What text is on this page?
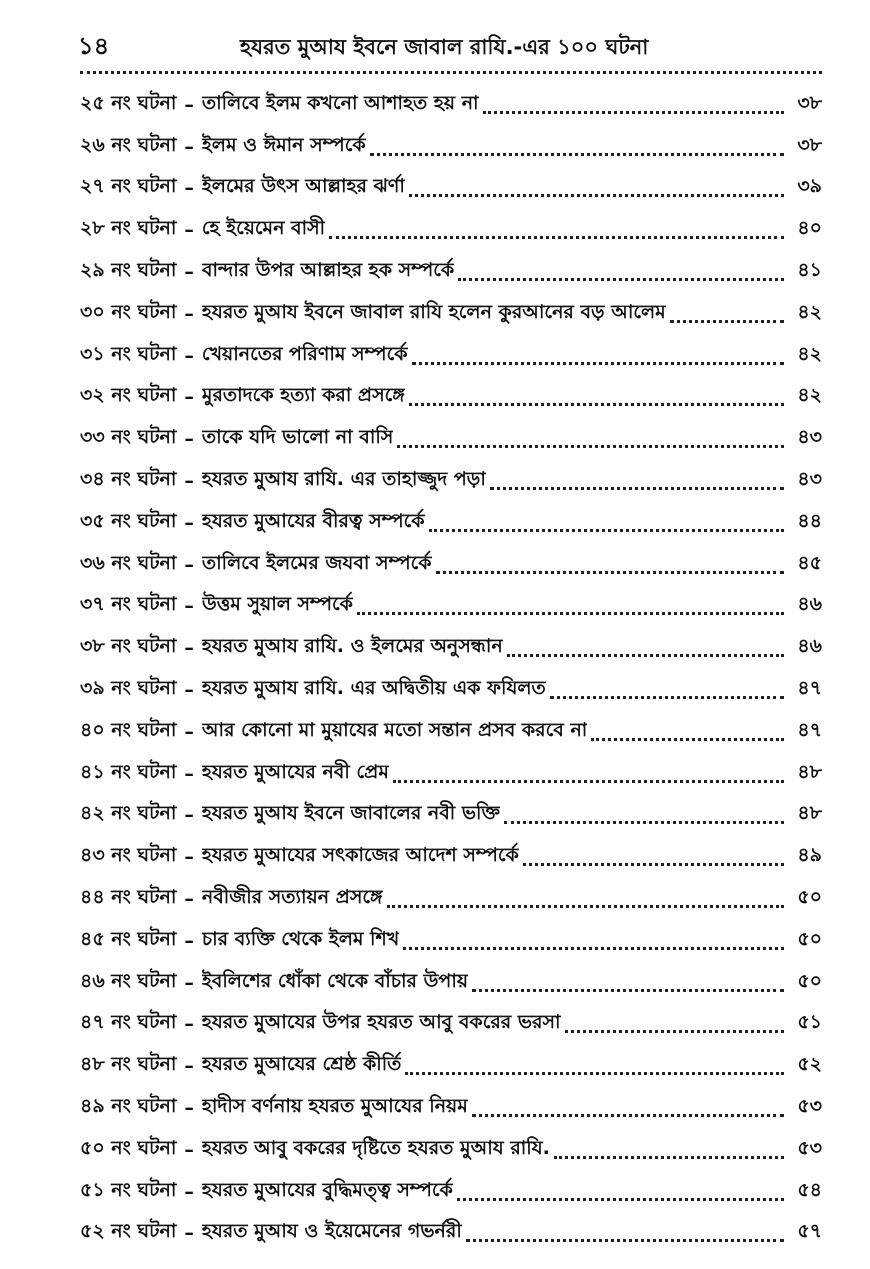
১৪	হযরত মুআয ইবনে জাবাল রাযি.-এর ১০০ ঘটনা
২৫ নং ঘটনা – তালিবে ইলম কখনো আশাহত হয় না	৩৮
২৬ নং ঘটনা – ইলম ও ঈমান সম্পর্কে	৩৮
২৭ নং ঘটনা – ইলমের উৎস আল্লাহর ঝর্ণা	৩৯
২৮ নং ঘটনা – হে ইয়েমেন বাসী	৪০
২৯ নং ঘটনা – বান্দার উপর আল্লাহর হক সম্পর্কে	৪১
৩০ নং ঘটনা – হযরত মুআয ইবনে জাবাল রাযি হলেন কুরআনের বড় আলেম	৪২
৩১ নং ঘটনা – খেয়ানতের পরিণাম সম্পর্কে	৪২
৩২ নং ঘটনা – মুরতাদকে হত্যা করা প্রসঙ্গে	৪২
৩৩ নং ঘটনা – তাকে যদি ভালো না বাসি	৪৩
৩৪ নং ঘটনা – হযরত মুআয রাযি. এর তাহাজ্জুদ পড়া	৪৩
৩৫ নং ঘটনা – হযরত মুআযের বীরত্ব সম্পর্কে	৪৪
৩৬ নং ঘটনা – তালিবে ইলমের জযবা সম্পর্কে	৪৫
৩৭ নং ঘটনা – উত্তম সুয়াল সম্পর্কে	৪৬
৩৮ নং ঘটনা – হযরত মুআয রাযি. ও ইলমের অনুসন্ধান	৪৬
৩৯ নং ঘটনা – হযরত মুআয রাযি. এর অদ্বিতীয় এক ফযিলত	৪৭
৪০ নং ঘটনা – আর কোনো মা মুয়াযের মতো সন্তান প্রসব করবে না	৪৭
৪১ নং ঘটনা – হযরত মুআযের নবী প্রেম	৪৮
৪২ নং ঘটনা – হযরত মুআয ইবনে জাবালের নবী ভক্তি	৪৮
৪৩ নং ঘটনা – হযরত মুআযের সৎকাজের আদেশ সম্পর্কে	৪৯
৪৪ নং ঘটনা – নবীজীর সত্যায়ন প্রসঙ্গে	৫০
৪৫ নং ঘটনা – চার ব্যক্তি থেকে ইলম শিখ	৫০
৪৬ নং ঘটনা – ইবলিশের ধোঁকা থেকে বাঁচার উপায়	৫০
৪৭ নং ঘটনা – হযরত মুআযের উপর হযরত আবু বকরের ভরসা	৫১
৪৮ নং ঘটনা – হযরত মুআযের শ্রেষ্ঠ কীর্তি	৫২
৪৯ নং ঘটনা – হাদীস বর্ণনায় হযরত মুআযের নিয়ম	৫৩
৫০ নং ঘটনা – হযরত আবু বকরের দৃষ্টিতে হযরত মুআয রাযি.	৫৩
৫১ নং ঘটনা – হযরত মুআযের বুদ্ধিমত্ত্ব সম্পর্কে	৫৪
৫২ নং ঘটনা – হযরত মুআয ও ইয়েমেনের গভর্নরী	৫৭
